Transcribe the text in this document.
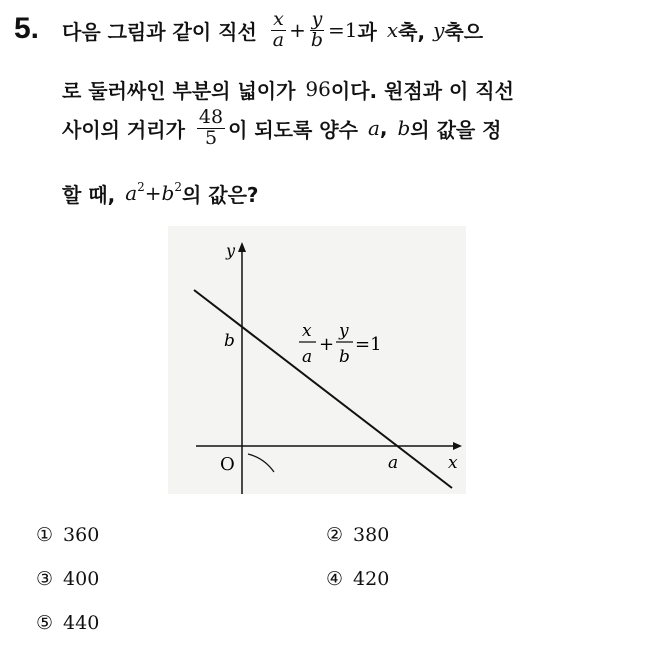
5. 다음 그림과 같이 직선 $\frac{x}{a} + \frac{y}{b} =1$ 과 x 축, y 축으
로 둘러싸인 부분의 넓이가 96 이다. 원점과 이 직선
사이의 거리가 $\frac{48}{5}$ 이 되도록 양수 a , b 의 값을 정
할 때, $a^2+b^2$ 의 값은?
y
x
O
b
a
x
a
+
y
b
=1
① 360	② 380
③ 400	④ 420
⑤ 440
